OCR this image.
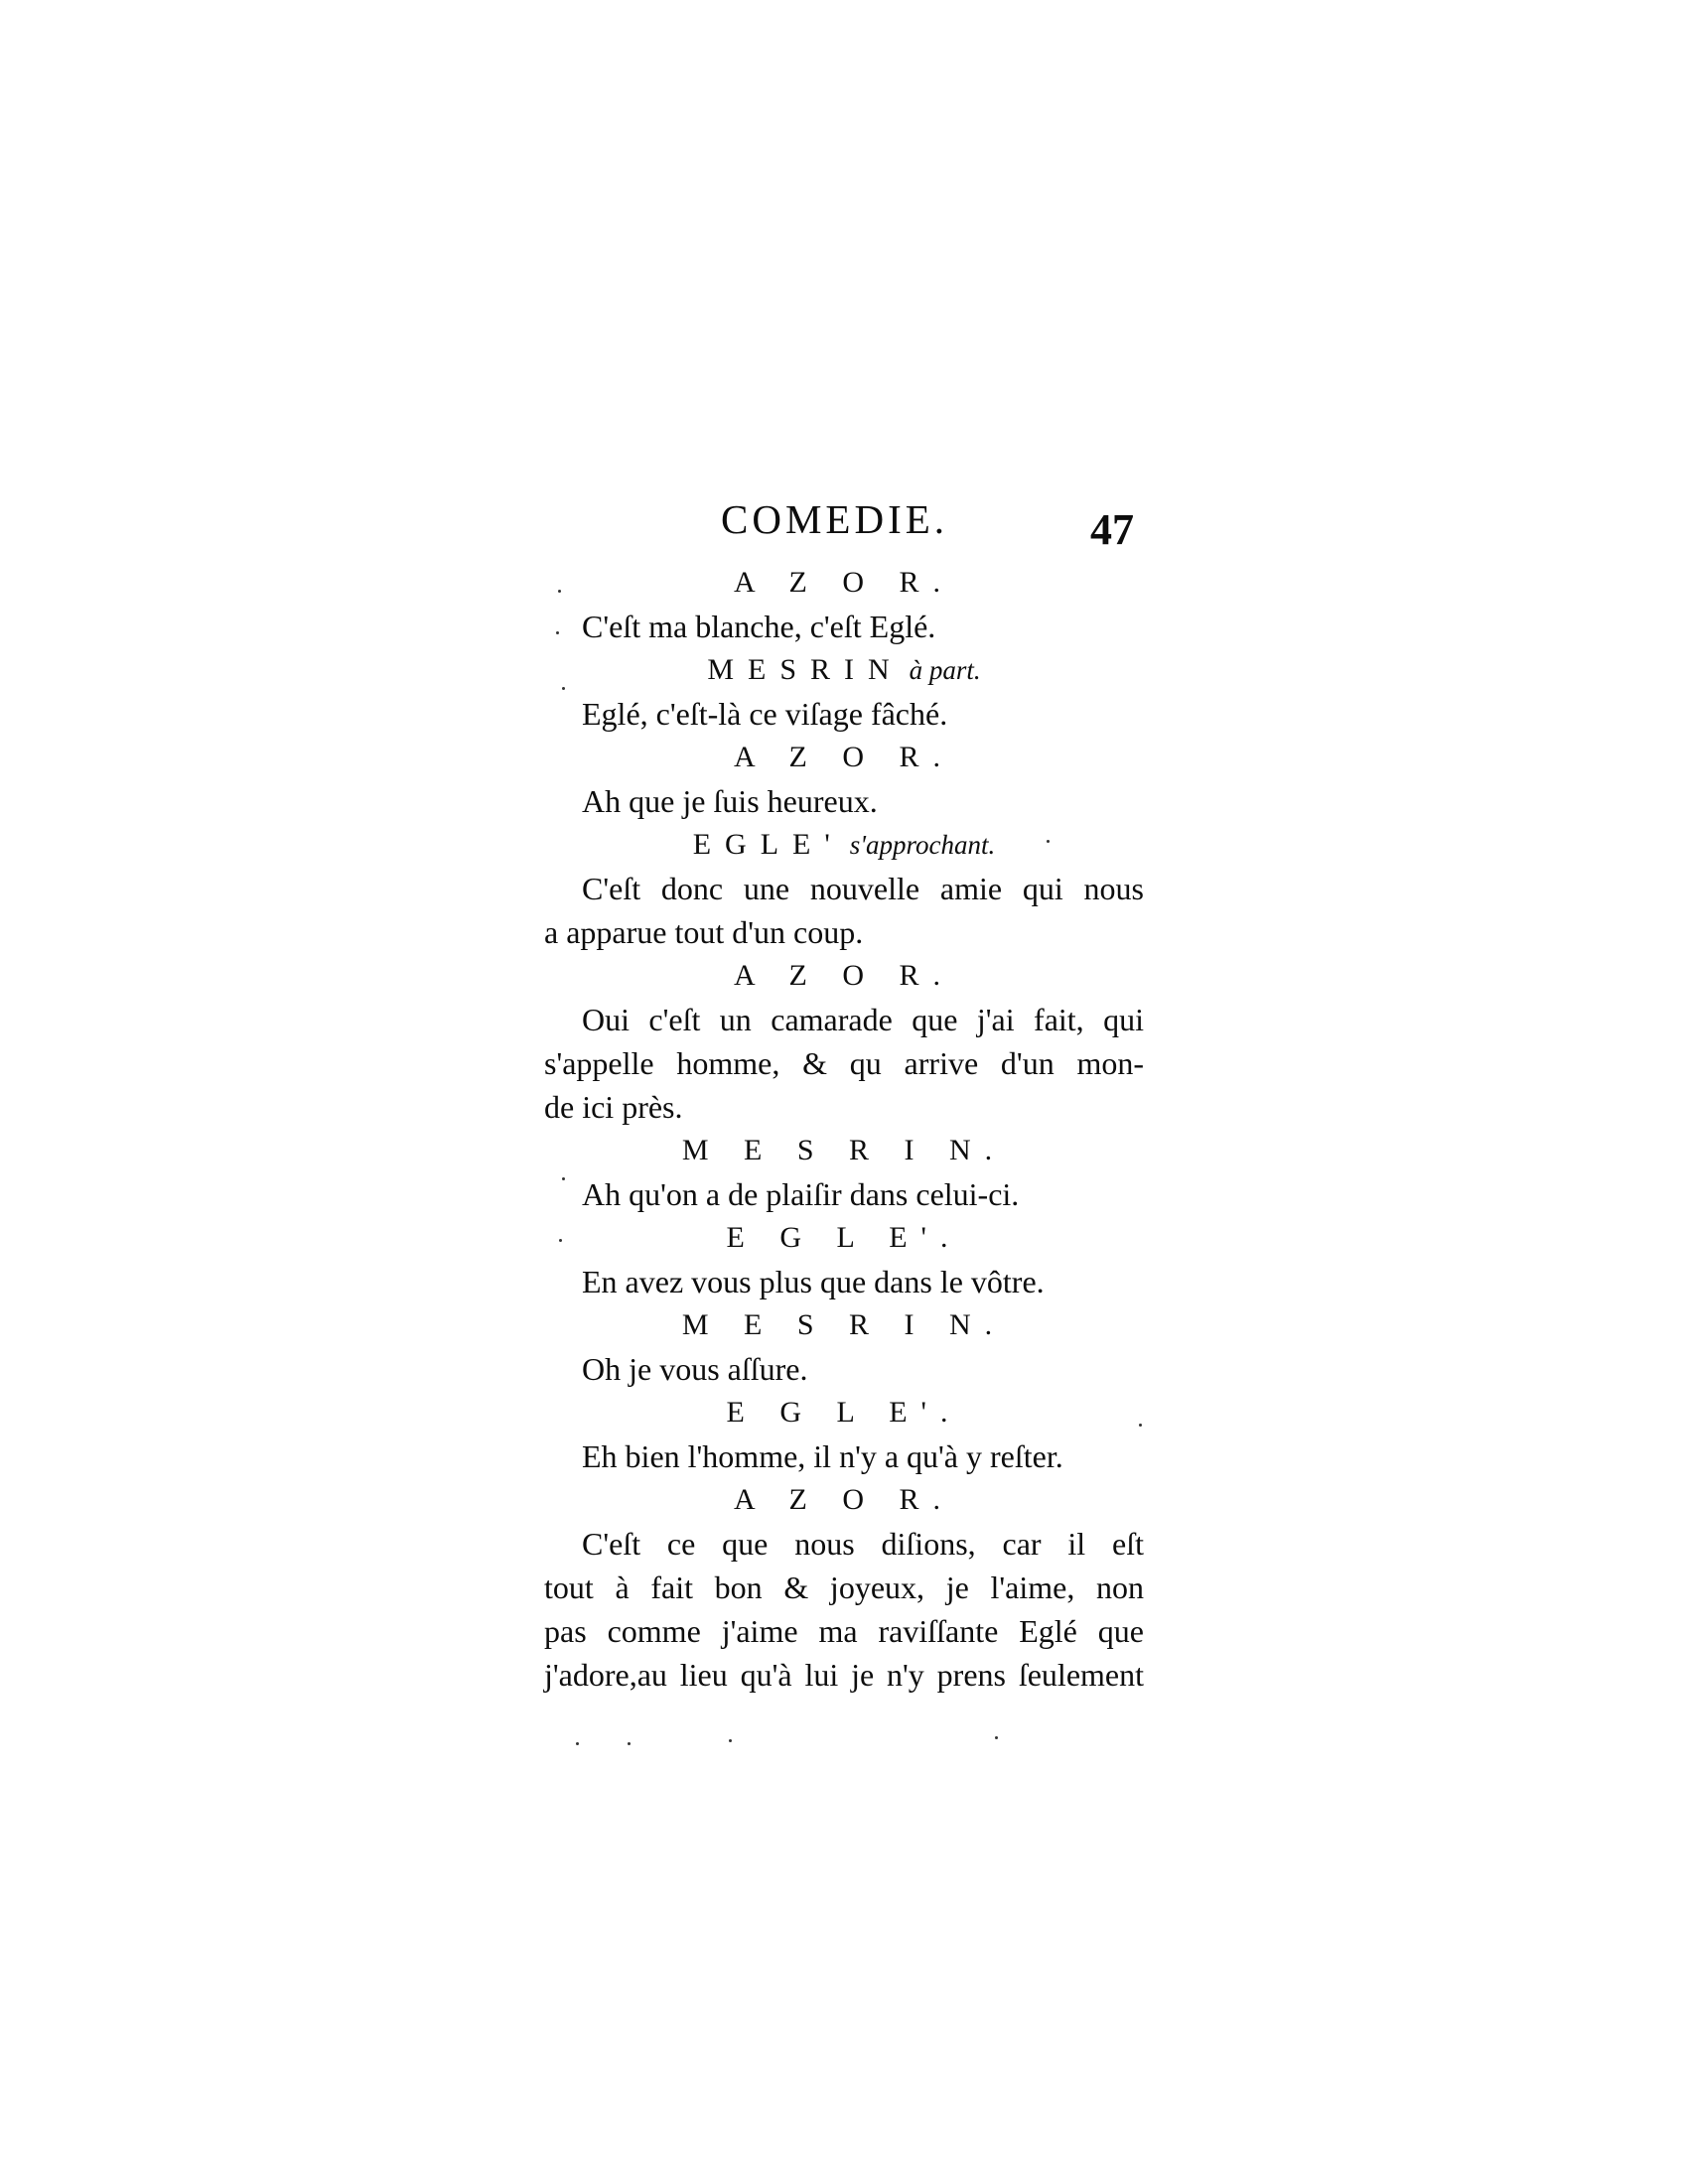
COMEDIE.	47
A Z O R.
C'eſt ma blanche, c'eſt Eglé.
MESRIN à part.
Eglé, c'eſt-là ce viſage fâché.
A Z O R.
Ah que je ſuis heureux.
EGLE' s'approchant.
C'eſt donc une nouvelle amie qui nous
a apparue tout d'un coup.
A Z O R.
Oui c'eſt un camarade que j'ai fait, qui
s'appelle homme, & qu arrive d'un mon-
de ici près.
M E S R I N.
Ah qu'on a de plaiſir dans celui-ci.
E G L E'.
En avez vous plus que dans le vôtre.
M E S R I N.
Oh je vous aſſure.
E G L E'.
Eh bien l'homme, il n'y a qu'à y reſter.
A Z O R.
C'eſt ce que nous diſions, car il eſt
tout à fait bon & joyeux, je l'aime, non
pas comme j'aime ma raviſſante Eglé que
j'adore,au lieu qu'à lui je n'y prens ſeulement
